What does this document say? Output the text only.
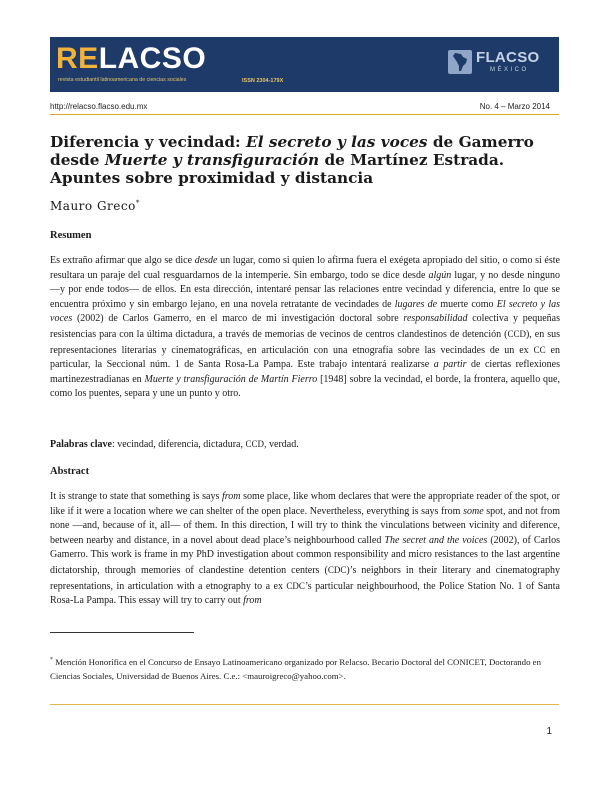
RELACSO
revista estudiantil latinoamericana de ciencias sociales	ISSN 2304-179X
FLACSO
MÉXICO
http://relacso.flacso.edu.mx	No. 4 – Marzo 2014
Diferencia y vecindad: El secreto y las voces de Gamerro desde Muerte y transfiguración de Martínez Estrada. Apuntes sobre proximidad y distancia
Mauro Greco*
Resumen

Es extraño afirmar que algo se dice desde un lugar, como si quien lo afirma fuera el exégeta apropiado del sitio, o como si éste resultara un paraje del cual resguardarnos de la intemperie. Sin embargo, todo se dice desde algún lugar, y no desde ninguno —y por ende todos— de ellos. En esta dirección, intentaré pensar las relaciones entre vecindad y diferencia, entre lo que se encuentra próximo y sin embargo lejano, en una novela retratante de vecindades de lugares de muerte como El secreto y las voces (2002) de Carlos Gamerro, en el marco de mi investigación doctoral sobre responsabilidad colectiva y pequeñas resistencias para con la última dictadura, a través de memorias de vecinos de centros clandestinos de detención (CCD), en sus representaciones literarias y cinematográficas, en articulación con una etnografía sobre las vecindades de un ex CC en particular, la Seccional núm. 1 de Santa Rosa-La Pampa. Este trabajo intentará realizarse a partir de ciertas reflexiones martinezestradianas en Muerte y transfiguración de Martín Fierro [1948] sobre la vecindad, el borde, la frontera, aquello que, como los puentes, separa y une un punto y otro.

Palabras clave: vecindad, diferencia, dictadura, CCD, verdad.

Abstract

It is strange to state that something is says from some place, like whom declares that were the appropriate reader of the spot, or like if it were a location where we can shelter of the open place. Nevertheless, everything is says from some spot, and not from none —and, because of it, all— of them. In this direction, I will try to think the vinculations between vicinity and diference, between nearby and distance, in a novel about dead place’s neighbourhood called The secret and the voices (2002), of Carlos Gamerro. This work is frame in my PhD investigation about common responsibility and micro resistances to the last argentine dictatorship, through memories of clandestine detention centers (CDC)’s neighbors in their literary and cinematography representations, in articulation with a etnography to a ex CDC’s particular neighbourhood, the Police Station No. 1 of Santa Rosa-La Pampa. This essay will try to carry out from

* Mención Honorífica en el Concurso de Ensayo Latinoamericano organizado por Relacso. Becario Doctoral del CONICET, Doctorando en Ciencias Sociales, Universidad de Buenos Aires. C.e.: <mauroigreco@yahoo.com>.

1
